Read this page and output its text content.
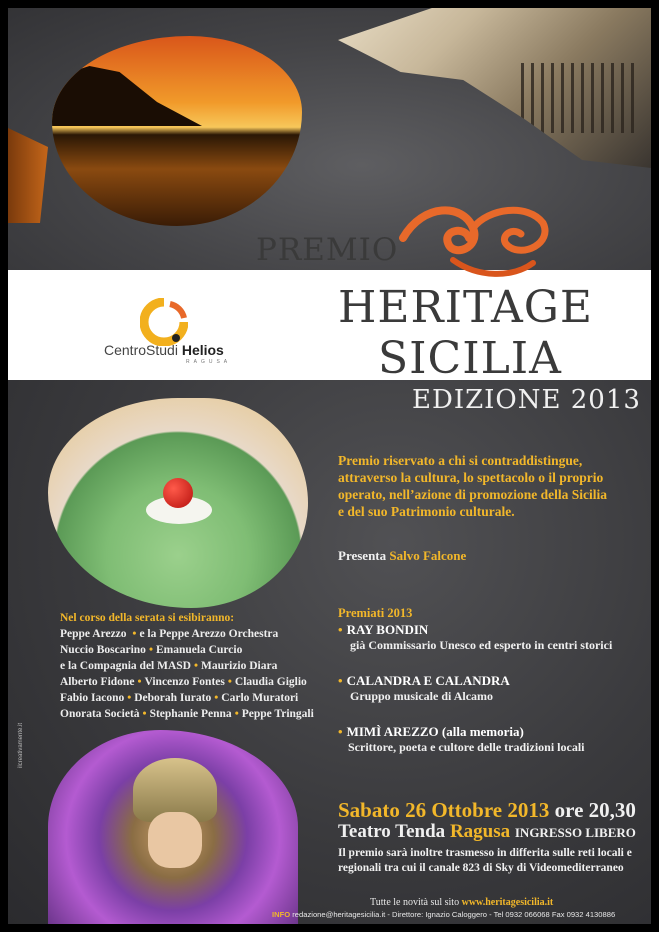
PREMIO
HERITAGE
SICILIA
EDIZIONE 2013
CentroStudi Helios
RAGUSA
Premio riservato a chi si contraddistingue,
attraverso la cultura, lo spettacolo o il proprio
operato, nell’azione di promozione della Sicilia
e del suo Patrimonio culturale.
Presenta Salvo Falcone
Premiati 2013
• RAY BONDIN
già Commissario Unesco ed esperto in centri storici
• CALANDRA E CALANDRA
Gruppo musicale di Alcamo
• MIMÌ AREZZO (alla memoria)
Scrittore, poeta e cultore delle tradizioni locali
Nel corso della serata si esibiranno:
Peppe Arezzo • e la Peppe Arezzo Orchestra
Nuccio Boscarino • Emanuela Curcio
e la Compagnia del MASD • Maurizio Diara
Alberto Fidone • Vincenzo Fontes • Claudia Giglio
Fabio Iacono • Deborah Iurato • Carlo Muratori
Onorata Società • Stephanie Penna • Peppe Tringali
ilcreativamente.it
Sabato 26 Ottobre 2013 ore 20,30
Teatro Tenda Ragusa INGRESSO LIBERO
Il premio sarà inoltre trasmesso in differita sulle reti locali e
regionali tra cui il canale 823 di Sky di Videomediterraneo
Tutte le novità sul sito www.heritagesicilia.it
INFO redazione@heritagesicilia.it - Direttore: Ignazio Caloggero - Tel 0932 066068 Fax 0932 4130886
